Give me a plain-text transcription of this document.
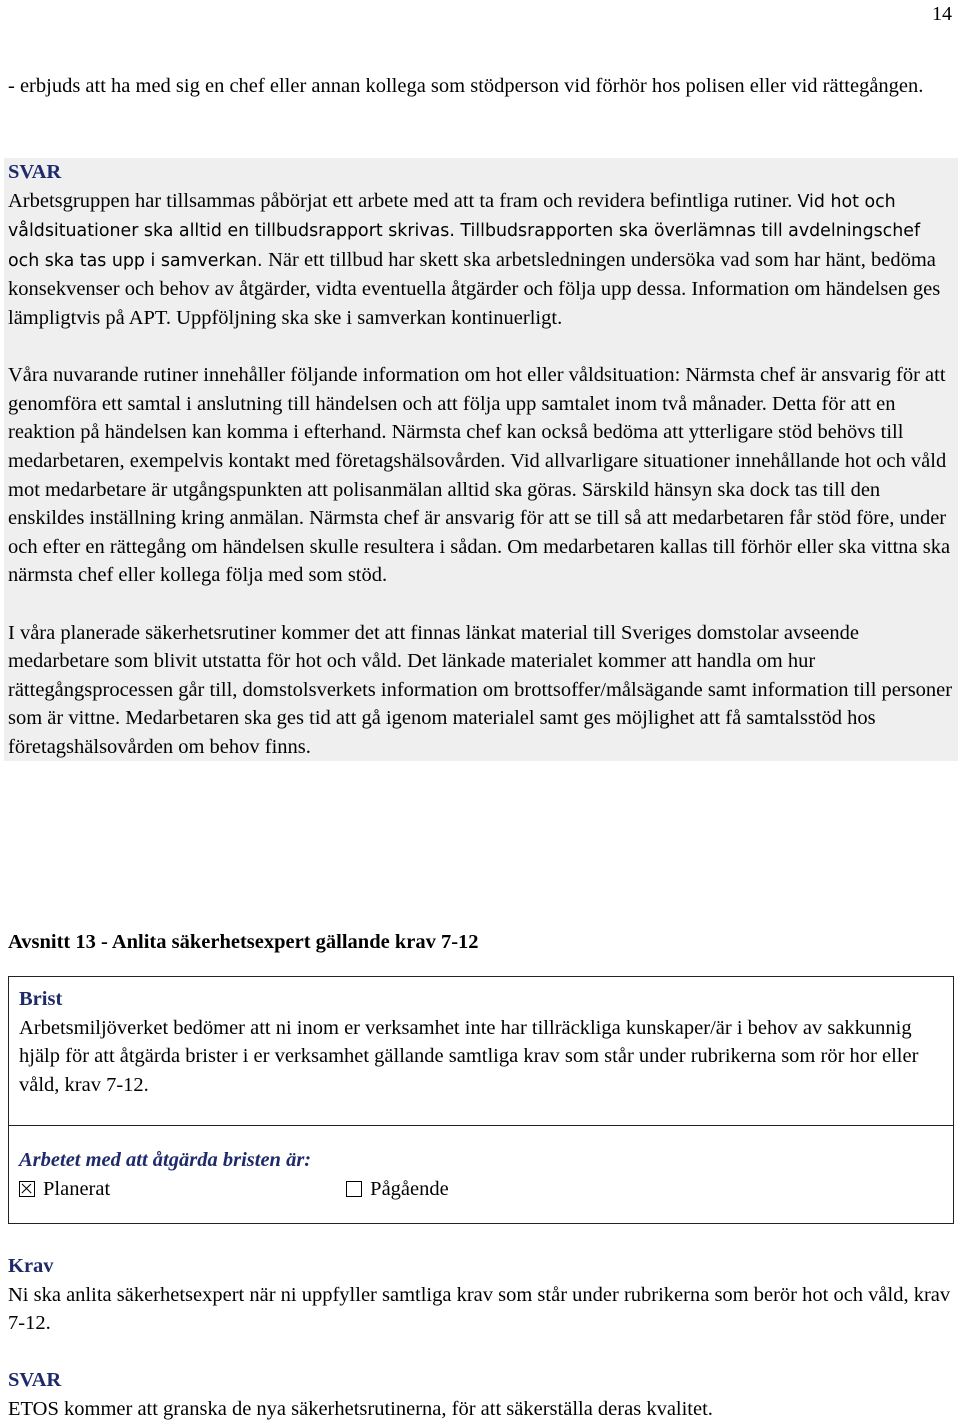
14
- erbjuds att ha med sig en chef eller annan kollega som stödperson vid förhör hos polisen eller vid rättegången.

SVAR
Arbetsgruppen har tillsammas påbörjat ett arbete med att ta fram och revidera befintliga rutiner. Vid hot och våldsituationer ska alltid en tillbudsrapport skrivas. Tillbudsrapporten ska överlämnas till avdelningschef och ska tas upp i samverkan. När ett tillbud har skett ska arbetsledningen undersöka vad som har hänt, bedöma konsekvenser och behov av åtgärder, vidta eventuella åtgärder och följa upp dessa. Information om händelsen ges lämpligtvis på APT. Uppföljning ska ske i samverkan kontinuerligt.

Våra nuvarande rutiner innehåller följande information om hot eller våldsituation: Närmsta chef är ansvarig för att genomföra ett samtal i anslutning till händelsen och att följa upp samtalet inom två månader. Detta för att en reaktion på händelsen kan komma i efterhand. Närmsta chef kan också bedöma att ytterligare stöd behövs till medarbetaren, exempelvis kontakt med företagshälsovården. Vid allvarligare situationer innehållande hot och våld mot medarbetare är utgångspunkten att polisanmälan alltid ska göras. Särskild hänsyn ska dock tas till den enskildes inställning kring anmälan. Närmsta chef är ansvarig för att se till så att medarbetaren får stöd före, under och efter en rättegång om händelsen skulle resultera i sådan. Om medarbetaren kallas till förhör eller ska vittna ska närmsta chef eller kollega följa med som stöd.

I våra planerade säkerhetsrutiner kommer det att finnas länkat material till Sveriges domstolar avseende medarbetare som blivit utstatta för hot och våld. Det länkade materialet kommer att handla om hur rättegångsprocessen går till, domstolsverkets information om brottsoffer/målsägande samt information till personer som är vittne. Medarbetaren ska ges tid att gå igenom materialel samt ges möjlighet att få samtalsstöd hos företagshälsovården om behov finns.

Avsnitt 13 - Anlita säkerhetsexpert gällande krav 7-12
Brist
Arbetsmiljöverket bedömer att ni inom er verksamhet inte har tillräckliga kunskaper/är i behov av sakkunnig hjälp för att åtgärda brister i er verksamhet gällande samtliga krav som står under rubrikerna som rör hor eller våld, krav 7-12.
Arbetet med att åtgärda bristen är:
Planerat	Pågående
Krav
Ni ska anlita säkerhetsexpert när ni uppfyller samtliga krav som står under rubrikerna som berör hot och våld, krav 7-12.
SVAR
ETOS kommer att granska de nya säkerhetsrutinerna, för att säkerställa deras kvalitet.
